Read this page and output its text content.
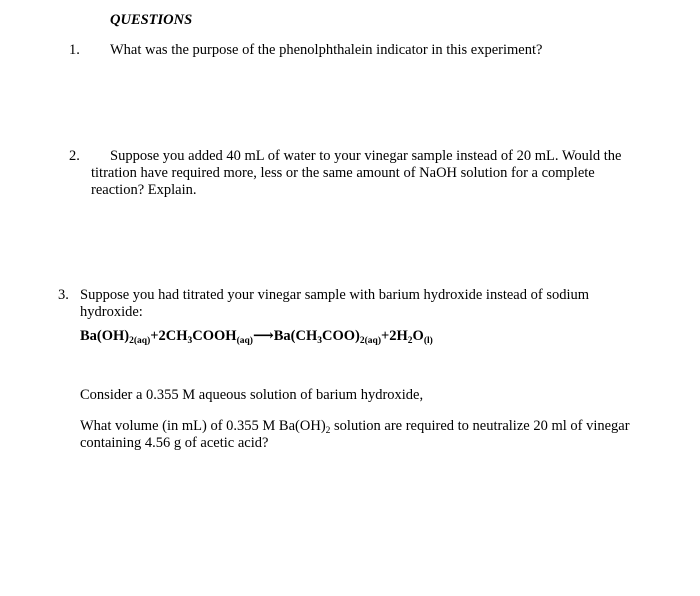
QUESTIONS
1. What was the purpose of the phenolphthalein indicator in this experiment?
2. Suppose you added 40 mL of water to your vinegar sample instead of 20 mL. Would the
titration have required more, less or the same amount of NaOH solution for a complete
reaction? Explain.
3. Suppose you had titrated your vinegar sample with barium hydroxide instead of sodium
hydroxide:
$Ba(OH)_{2(aq)}+2CH_3COOH_{(aq)}⟶Ba(CH_3COO)_{2(aq)}+2H_2O_{(l)}$
Consider a 0.355 M aqueous solution of barium hydroxide,
What volume (in mL) of 0.355 M $Ba(OH)_2$ solution are required to neutralize 20 ml of vinegar
containing 4.56 g of acetic acid?
